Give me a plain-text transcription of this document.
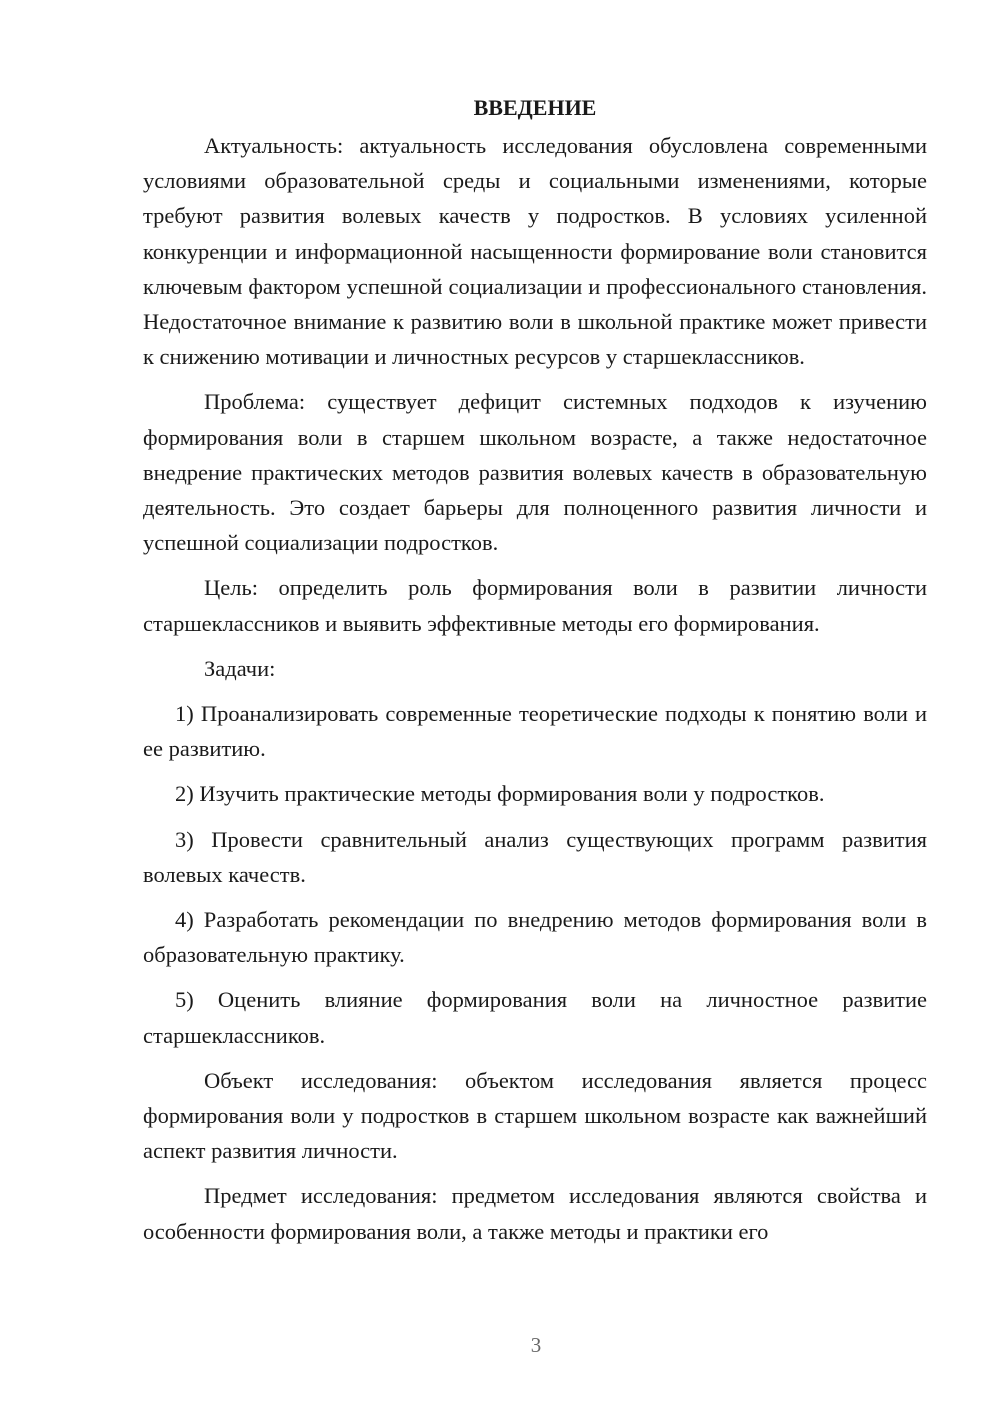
ВВЕДЕНИЕ

Актуальность: актуальность исследования обусловлена современными условиями образовательной среды и социальными изменениями, которые требуют развития волевых качеств у подростков. В условиях усиленной конкуренции и информационной насыщенности формирование воли становится ключевым фактором успешной социализации и профессионального становления. Недостаточное внимание к развитию воли в школьной практике может привести к снижению мотивации и личностных ресурсов у старшеклассников.

Проблема: существует дефицит системных подходов к изучению формирования воли в старшем школьном возрасте, а также недостаточное внедрение практических методов развития волевых качеств в образовательную деятельность. Это создает барьеры для полноценного развития личности и успешной социализации подростков.

Цель: определить роль формирования воли в развитии личности старшеклассников и выявить эффективные методы его формирования.

Задачи:

1) Проанализировать современные теоретические подходы к понятию воли и ее развитию.

2) Изучить практические методы формирования воли у подростков.

3) Провести сравнительный анализ существующих программ развития волевых качеств.

4) Разработать рекомендации по внедрению методов формирования воли в образовательную практику.

5) Оценить влияние формирования воли на личностное развитие старшеклассников.

Объект исследования: объектом исследования является процесс формирования воли у подростков в старшем школьном возрасте как важнейший аспект развития личности.

Предмет исследования: предметом исследования являются свойства и особенности формирования воли, а также методы и практики его

3
